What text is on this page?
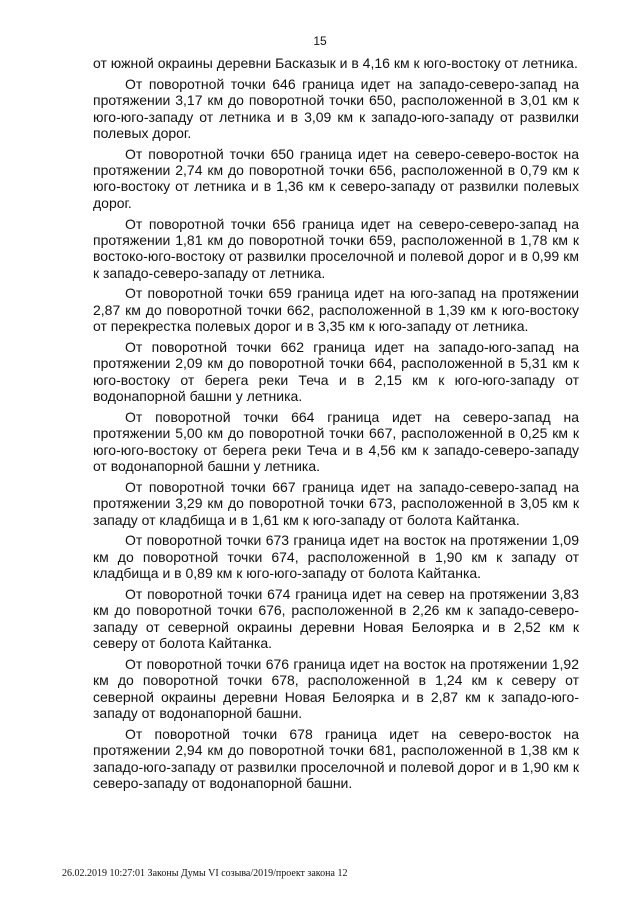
15

от южной окраины деревни Басказык и в 4,16 км к юго-востоку от летника.

От поворотной точки 646 граница идет на западо-северо-запад на протяжении 3,17 км до поворотной точки 650, расположенной в 3,01 км к юго-юго-западу от летника и в 3,09 км к западо-юго-западу от развилки полевых дорог.

От поворотной точки 650 граница идет на северо-северо-восток на протяжении 2,74 км до поворотной точки 656, расположенной в 0,79 км к юго-востоку от летника и в 1,36 км к северо-западу от развилки полевых дорог.

От поворотной точки 656 граница идет на северо-северо-запад на протяжении 1,81 км до поворотной точки 659, расположенной в 1,78 км к востоко-юго-востоку от развилки проселочной и полевой дорог и в 0,99 км к западо-северо-западу от летника.

От поворотной точки 659 граница идет на юго-запад на протяжении 2,87 км до поворотной точки 662, расположенной в 1,39 км к юго-востоку от перекрестка полевых дорог и в 3,35 км к юго-западу от летника.

От поворотной точки 662 граница идет на западо-юго-запад на протяжении 2,09 км до поворотной точки 664, расположенной в 5,31 км к юго-востоку от берега реки Теча и в 2,15 км к юго-юго-западу от водонапорной башни у летника.

От поворотной точки 664 граница идет на северо-запад на протяжении 5,00 км до поворотной точки 667, расположенной в 0,25 км к юго-юго-востоку от берега реки Теча и в 4,56 км к западо-северо-западу от водонапорной башни у летника.

От поворотной точки 667 граница идет на западо-северо-запад на протяжении 3,29 км до поворотной точки 673, расположенной в 3,05 км к западу от кладбища и в 1,61 км к юго-западу от болота Кайтанка.

От поворотной точки 673 граница идет на восток на протяжении 1,09 км до поворотной точки 674, расположенной в 1,90 км к западу от кладбища и в 0,89 км к юго-юго-западу от болота Кайтанка.

От поворотной точки 674 граница идет на север на протяжении 3,83 км до поворотной точки 676, расположенной в 2,26 км к западо-северо-западу от северной окраины деревни Новая Белоярка и в 2,52 км к северу от болота Кайтанка.

От поворотной точки 676 граница идет на восток на протяжении 1,92 км до поворотной точки 678, расположенной в 1,24 км к северу от северной окраины деревни Новая Белоярка и в 2,87 км к западо-юго-западу от водонапорной башни.

От поворотной точки 678 граница идет на северо-восток на протяжении 2,94 км до поворотной точки 681, расположенной в 1,38 км к западо-юго-западу от развилки проселочной и полевой дорог и в 1,90 км к северо-западу от водонапорной башни.

26.02.2019 10:27:01 Законы Думы VI созыва/2019/проект закона 12
